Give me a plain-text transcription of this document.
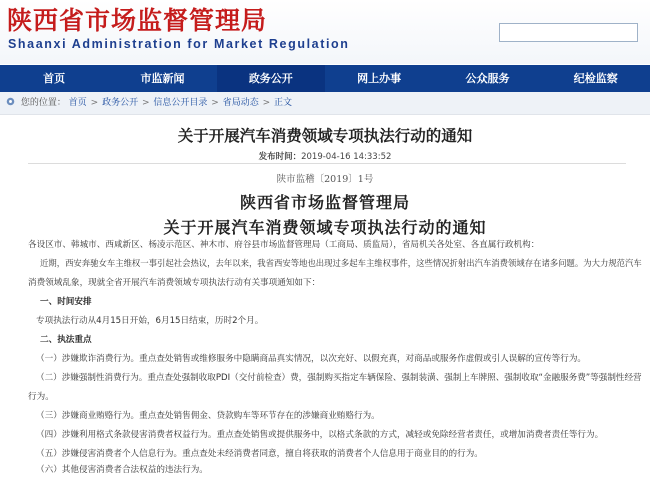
陕西省市场监督管理局
Shaanxi Administration for Market Regulation
首页	市监新闻	政务公开	网上办事	公众服务	纪检监察
您的位置： 首页 > 政务公开 > 信息公开目录 > 省局动态 > 正文
关于开展汽车消费领域专项执法行动的通知
发布时间：2019-04-16 14:33:52
陕市监稽〔2019〕1号
陕西省市场监督管理局
关于开展汽车消费领域专项执法行动的通知
各设区市、韩城市、西咸新区、杨凌示范区、神木市、府谷县市场监督管理局（工商局、质监局），省局机关各处室、各直属行政机构：
近期，西安奔驰女车主维权一事引起社会热议，去年以来，我省西安等地也出现过多起车主维权事件，这些情况折射出汽车消费领域存在诸多问题。为大力规范汽车
消费领域乱象，现就全省开展汽车消费领域专项执法行动有关事项通知如下：
一、时间安排
专项执法行动从4月15日开始，6月15日结束，历时2个月。
二、执法重点
（一）涉嫌欺诈消费行为。重点查处销售或维修服务中隐瞒商品真实情况，以次充好、以假充真，对商品或服务作虚假或引人误解的宣传等行为。
（二）涉嫌强制性消费行为。重点查处强制收取PDI（交付前检查）费，强制购买指定车辆保险、强制装潢、强制上车牌照、强制收取“金融服务费”等强制性经营
行为。
（三）涉嫌商业贿赂行为。重点查处销售佣金、贷款购车等环节存在的涉嫌商业贿赂行为。
（四）涉嫌利用格式条款侵害消费者权益行为。重点查处销售或提供服务中，以格式条款的方式，减轻或免除经营者责任，或增加消费者责任等行为。
（五）涉嫌侵害消费者个人信息行为。重点查处未经消费者同意，擅自将获取的消费者个人信息用于商业目的的行为。
（六）其他侵害消费者合法权益的违法行为。
